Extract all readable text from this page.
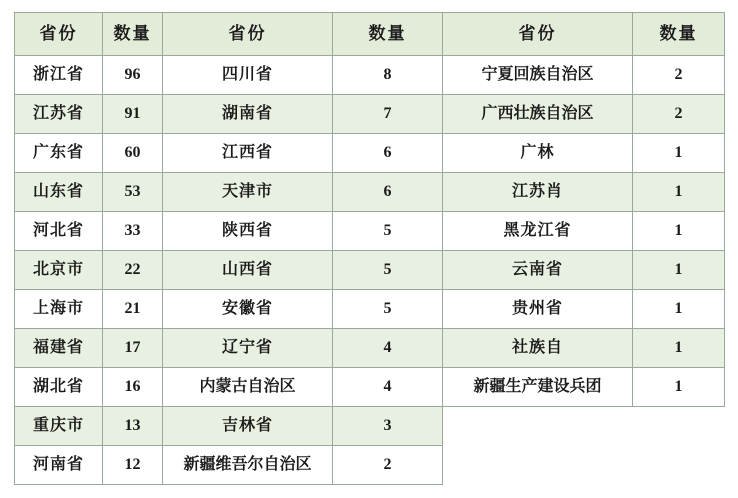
省份	数量	省份	数量	省份	数量
浙江省	96	四川省	8	宁夏回族自治区	2
江苏省	91	湖南省	7	广西壮族自治区	2
广东省	60	江西省	6	广林	1
山东省	53	天津市	6	江苏肖	1
河北省	33	陕西省	5	黑龙江省	1
北京市	22	山西省	5	云南省	1
上海市	21	安徽省	5	贵州省	1
福建省	17	辽宁省	4	社族自	1
湖北省	16	内蒙古自治区	4	新疆生产建设兵团	1
重庆市	13	吉林省	3		
河南省	12	新疆维吾尔自治区	2		
